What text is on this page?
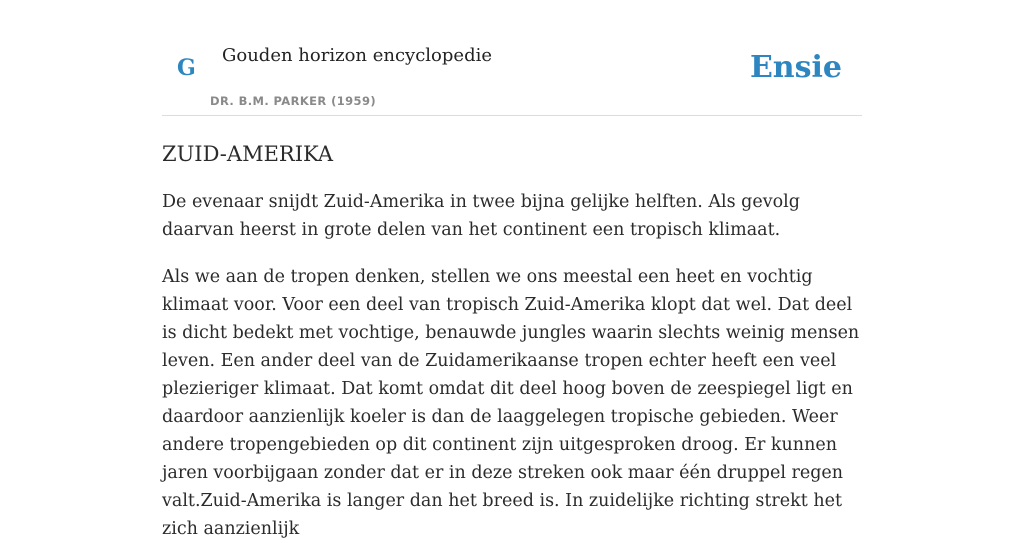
G Gouden horizon encyclopedie
DR. B.M. PARKER (1959)
Ensie
ZUID-AMERIKA

De evenaar snijdt Zuid-Amerika in twee bijna gelijke helften. Als gevolg daarvan heerst in grote delen van het continent een tropisch klimaat.

Als we aan de tropen denken, stellen we ons meestal een heet en vochtig klimaat voor. Voor een deel van tropisch Zuid-Amerika klopt dat wel. Dat deel is dicht bedekt met vochtige, benauwde jungles waarin slechts weinig mensen leven. Een ander deel van de Zuidamerikaanse tropen echter heeft een veel plezieriger klimaat. Dat komt omdat dit deel hoog boven de zeespiegel ligt en daardoor aanzienlijk koeler is dan de laaggelegen tropische gebieden. Weer andere tropengebieden op dit continent zijn uitgesproken droog. Er kunnen jaren voorbijgaan zonder dat er in deze streken ook maar één druppel regen valt.Zuid-Amerika is langer dan het breed is. In zuidelijke richting strekt het zich aanzienlijk
